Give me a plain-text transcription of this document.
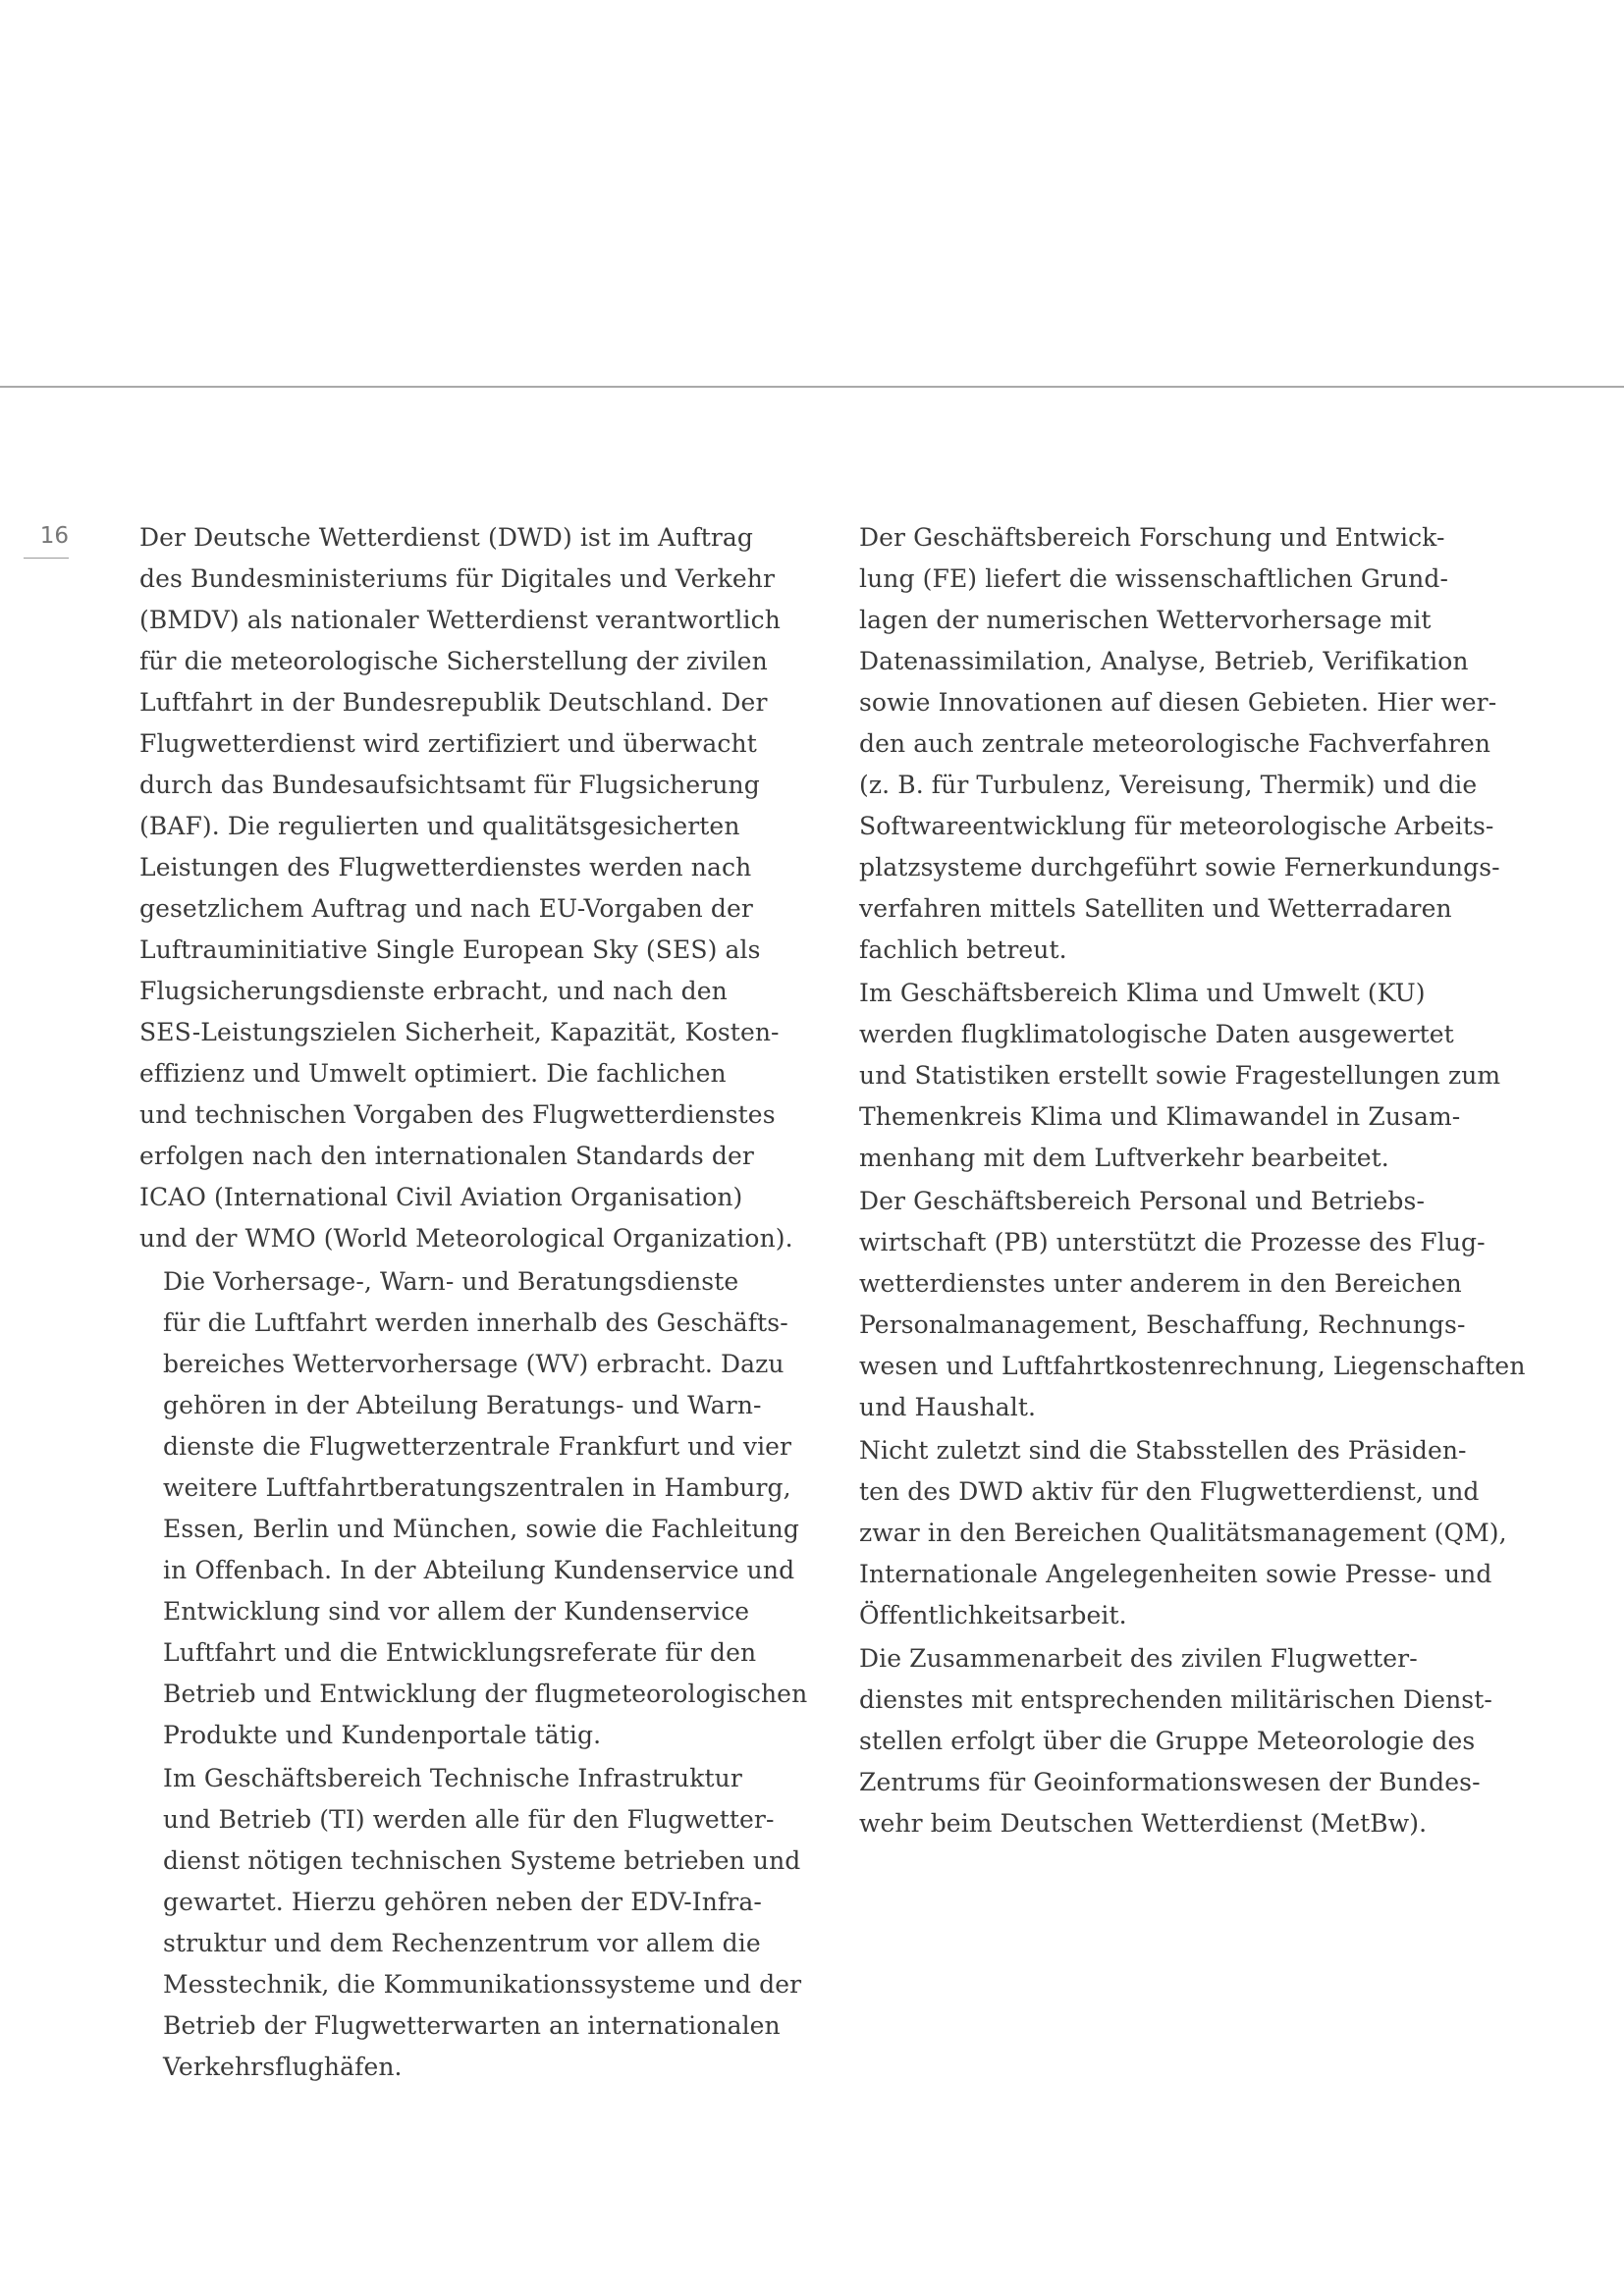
16	Der Deutsche Wetterdienst (DWD) ist im Auftrag
des Bundesministeriums für Digitales und Verkehr
(BMDV) als nationaler Wetterdienst verantwortlich
für die meteorologische Sicherstellung der zivilen
Luftfahrt in der Bundesrepublik Deutschland. Der
Flugwetterdienst wird zertifiziert und überwacht
durch das Bundesaufsichtsamt für Flugsicherung
(BAF). Die regulierten und qualitätsgesicherten
Leistungen des Flugwetterdienstes werden nach
gesetzlichem Auftrag und nach EU-Vorgaben der
Luftrauminitiative Single European Sky (SES) als
Flugsicherungsdienste erbracht, und nach den
SES-Leistungszielen Sicherheit, Kapazität, Kosten-
effizienz und Umwelt optimiert. Die fachlichen
und technischen Vorgaben des Flugwetterdienstes
erfolgen nach den internationalen Standards der
ICAO (International Civil Aviation Organisation)
und der WMO (World Meteorological Organization).

Die Vorhersage-, Warn- und Beratungsdienste
für die Luftfahrt werden innerhalb des Geschäfts-
bereiches Wettervorhersage (WV) erbracht. Dazu
gehören in der Abteilung Beratungs- und Warn-
dienste die Flugwetterzentrale Frankfurt und vier
weitere Luftfahrtberatungszentralen in Hamburg,
Essen, Berlin und München, sowie die Fachleitung
in Offenbach. In der Abteilung Kundenservice und
Entwicklung sind vor allem der Kundenservice
Luftfahrt und die Entwicklungsreferate für den
Betrieb und Entwicklung der flugmeteorologischen
Produkte und Kundenportale tätig.

Im Geschäftsbereich Technische Infrastruktur
und Betrieb (TI) werden alle für den Flugwetter-
dienst nötigen technischen Systeme betrieben und
gewartet. Hierzu gehören neben der EDV-Infra-
struktur und dem Rechenzentrum vor allem die
Messtechnik, die Kommunikationssysteme und der
Betrieb der Flugwetterwarten an internationalen
Verkehrsflughäfen.

Der Geschäftsbereich Forschung und Entwick-
lung (FE) liefert die wissenschaftlichen Grund-
lagen der numerischen Wettervorhersage mit
Datenassimilation, Analyse, Betrieb, Verifikation
sowie Innovationen auf diesen Gebieten. Hier wer-
den auch zentrale meteorologische Fachverfahren
(z. B. für Turbulenz, Vereisung, Thermik) und die
Softwareentwicklung für meteorologische Arbeits-
platzsysteme durchgeführt sowie Fernerkundungs-
verfahren mittels Satelliten und Wetterradaren
fachlich betreut.

Im Geschäftsbereich Klima und Umwelt (KU)
werden flugklimatologische Daten ausgewertet
und Statistiken erstellt sowie Fragestellungen zum
Themenkreis Klima und Klimawandel in Zusam-
menhang mit dem Luftverkehr bearbeitet.

Der Geschäftsbereich Personal und Betriebs-
wirtschaft (PB) unterstützt die Prozesse des Flug-
wetterdienstes unter anderem in den Bereichen
Personalmanagement, Beschaffung, Rechnungs-
wesen und Luftfahrtkostenrechnung, Liegenschaften
und Haushalt.

Nicht zuletzt sind die Stabsstellen des Präsiden-
ten des DWD aktiv für den Flugwetterdienst, und
zwar in den Bereichen Qualitätsmanagement (QM),
Internationale Angelegenheiten sowie Presse- und
Öffentlichkeitsarbeit.

Die Zusammenarbeit des zivilen Flugwetter-
dienstes mit entsprechenden militärischen Dienst-
stellen erfolgt über die Gruppe Meteorologie des
Zentrums für Geoinformationswesen der Bundes-
wehr beim Deutschen Wetterdienst (MetBw).
